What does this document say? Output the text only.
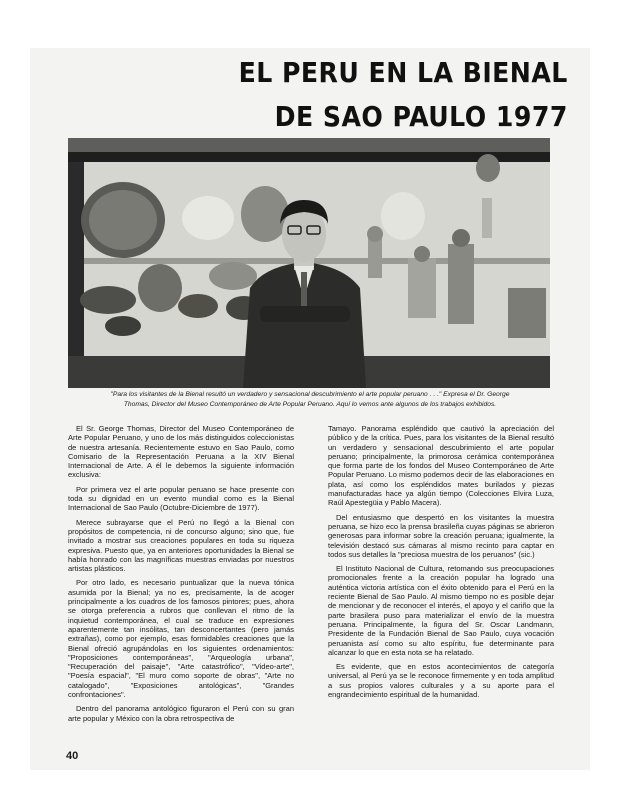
EL PERU EN LA BIENAL
DE SAO PAULO 1977

"Para los visitantes de la Bienal resultó un verdadero y sensacional descubrimiento el arte popular peruano . . ." Expresa el Dr. George
Thomas, Director del Museo Contemporáneo de Arte Popular Peruano. Aquí lo vemos ante algunos de los trabajos exhibidos.

El Sr. George Thomas, Director del Museo Contemporáneo de Arte Popular Peruano, y uno de los más distinguidos coleccionistas de nuestra artesanía. Recientemente estuvo en Sao Paulo, como Comisario de la Representación Peruana a la XIV Bienal Internacional de Arte. A él le debemos la siguiente información exclusiva:

Por primera vez el arte popular peruano se hace presente con toda su dignidad en un evento mundial como es la Bienal Internacional de Sao Paulo (Octubre-Diciembre de 1977).

Merece subrayarse que el Perú no llegó a la Bienal con propósitos de competencia, ni de concurso alguno; sino que, fue invitado a mostrar sus creaciones populares en toda su riqueza expresiva. Puesto que, ya en anteriores oportunidades la Bienal se había honrado con las magníficas muestras enviadas por nuestros artistas plásticos.

Por otro lado, es necesario puntualizar que la nueva tónica asumida por la Bienal; ya no es, precisamente, la de acoger principalmente a los cuadros de los famosos pintores; pues, ahora se otorga preferencia a rubros que conllevan el ritmo de la inquietud contemporánea, el cual se traduce en expresiones aparentemente tan insólitas, tan desconcertantes (pero jamás extrañas), como por ejemplo, esas formidables creaciones que la Bienal ofreció agrupándolas en los siguientes ordenamientos: "Proposiciones contemporáneas", "Arqueología urbana", "Recuperación del paisaje", "Arte catastrófico", "Video-arte", "Poesía espacial", "El muro como soporte de obras", "Arte no catalogado", "Exposiciones antológicas", "Grandes confrontaciones".

Dentro del panorama antológico figuraron el Perú con su gran arte popular y México con la obra retrospectiva de

Tamayo. Panorama espléndido que cautivó la apreciación del público y de la crítica. Pues, para los visitantes de la Bienal resultó un verdadero y sensacional descubrimiento el arte popular peruano; principalmente, la primorosa cerámica contemporánea que forma parte de los fondos del Museo Contemporáneo de Arte Popular Peruano. Lo mismo podemos decir de las elaboraciones en plata, así como los espléndidos mates burilados y piezas manufacturadas hace ya algún tiempo (Colecciones Elvira Luza, Raúl Apestegüia y Pablo Macera).

Del entusiasmo que despertó en los visitantes la muestra peruana, se hizo eco la prensa brasileña cuyas páginas se abrieron generosas para informar sobre la creación peruana; igualmente, la televisión destacó sus cámaras al mismo recinto para captar en todos sus detalles la "preciosa muestra de los peruanos" (sic.)

El Instituto Nacional de Cultura, retomando sus preocupaciones promocionales frente a la creación popular ha logrado una auténtica victoria artística con el éxito obtenido para el Perú en la reciente Bienal de Sao Paulo. Al mismo tiempo no es posible dejar de mencionar y de reconocer el interés, el apoyo y el cariño que la parte brasilera puso para materializar el envío de la muestra peruana. Principalmente, la figura del Sr. Oscar Landmann, Presidente de la Fundación Bienal de Sao Paulo, cuya vocación peruanista así como su alto espíritu, fue determinante para alcanzar lo que en esta nota se ha relatado.

Es evidente, que en estos acontecimientos de categoría universal, al Perú ya se le reconoce firmemente y en toda amplitud a sus propios valores culturales y a su aporte para el engrandecimiento espiritual de la humanidad.

40
